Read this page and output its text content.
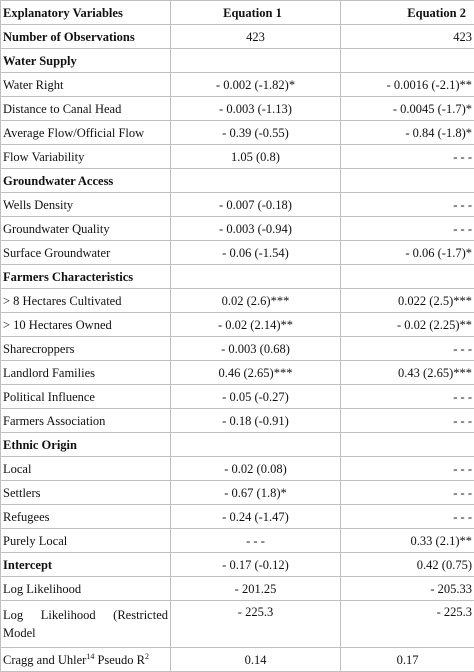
Explanatory Variables	Equation 1	Equation 2
Number of Observations	423	423
Water Supply		
Water Right	- 0.002 (-1.82)*	- 0.0016 (-2.1)**
Distance to Canal Head	- 0.003 (-1.13)	- 0.0045 (-1.7)*
Average Flow/Official Flow	- 0.39 (-0.55)	- 0.84 (-1.8)*
Flow Variability	1.05 (0.8)	- - -
Groundwater Access		
Wells Density	- 0.007 (-0.18)	- - -
Groundwater Quality	- 0.003 (-0.94)	- - -
Surface Groundwater	- 0.06 (-1.54)	- 0.06 (-1.7)*
Farmers Characteristics		
> 8 Hectares Cultivated	0.02 (2.6)***	0.022 (2.5)***
> 10 Hectares Owned	- 0.02 (2.14)**	- 0.02 (2.25)**
Sharecroppers	- 0.003 (0.68)	- - -
Landlord Families	0.46 (2.65)***	0.43 (2.65)***
Political Influence	- 0.05 (-0.27)	- - -
Farmers Association	- 0.18 (-0.91)	- - -
Ethnic Origin		
Local	- 0.02 (0.08)	- - -
Settlers	- 0.67 (1.8)*	- - -
Refugees	- 0.24 (-1.47)	- - -
Purely Local	- - -	0.33 (2.1)**
Intercept	- 0.17 (-0.12)	0.42 (0.75)
Log Likelihood	- 201.25	- 205.33
Log Likelihood (Restricted Model	- 225.3	- 225.3
Cragg and Uhler$^{14}$ Pseudo $R^2$	0.14	0.17
